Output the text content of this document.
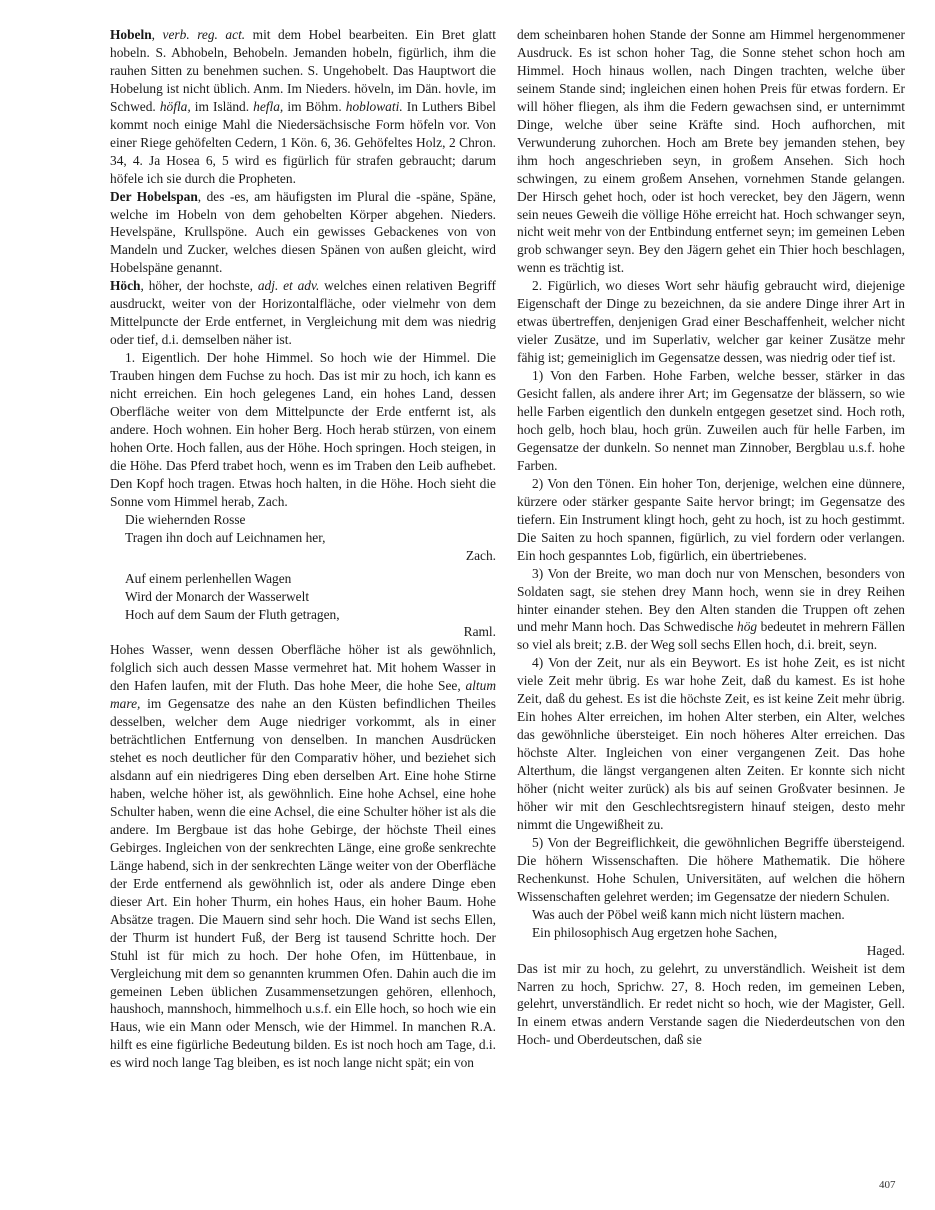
Hobeln, verb. reg. act. mit dem Hobel bearbeiten. Ein Bret glatt hobeln. S. Abhobeln, Behobeln. Jemanden hobeln, figürlich, ihm die rauhen Sitten zu benehmen suchen. S. Ungehobelt. Das Hauptwort die Hobelung ist nicht üblich. Anm. Im Nieders. höveln, im Dän. hovle, im Schwed. höfla, im Isländ. hefla, im Böhm. hoblowati. In Luthers Bibel kommt noch einige Mahl die Niedersächsische Form höfeln vor. Von einer Riege gehöfelten Cedern, 1 Kön. 6, 36. Gehöfeltes Holz, 2 Chron. 34, 4. Ja Hosea 6, 5 wird es figürlich für strafen gebraucht; darum höfele ich sie durch die Propheten.

Der Hobelspan, des -es, am häufigsten im Plural die -späne, Späne, welche im Hobeln von dem gehobelten Körper abgehen. Nieders. Hevelspäne, Krullspöne. Auch ein gewisses Gebackenes von von Mandeln und Zucker, welches diesen Spänen von außen gleicht, wird Hobelspäne genannt.

Höch, höher, der hochste, adj. et adv. welches einen relativen Begriff ausdruckt, weiter von der Horizontalfläche, oder vielmehr von dem Mittelpuncte der Erde entfernet, in Vergleichung mit dem was niedrig oder tief, d.i. demselben näher ist.

1. Eigentlich. Der hohe Himmel. So hoch wie der Himmel. Die Trauben hingen dem Fuchse zu hoch. Das ist mir zu hoch, ich kann es nicht erreichen. Ein hoch gelegenes Land, ein hohes Land, dessen Oberfläche weiter von dem Mittelpuncte der Erde entfernt ist, als andere. Hoch wohnen. Ein hoher Berg. Hoch herab stürzen, von einem hohen Orte. Hoch fallen, aus der Höhe. Hoch springen. Hoch steigen, in die Höhe. Das Pferd trabet hoch, wenn es im Traben den Leib aufhebet. Den Kopf hoch tragen. Etwas hoch halten, in die Höhe. Hoch sieht die Sonne vom Himmel herab, Zach.

Die wiehernden Rosse

Tragen ihn doch auf Leichnamen her,

Zach.

Auf einem perlenhellen Wagen

Wird der Monarch der Wasserwelt

Hoch auf dem Saum der Fluth getragen,

Raml.

Hohes Wasser, wenn dessen Oberfläche höher ist als gewöhnlich, folglich sich auch dessen Masse vermehret hat. Mit hohem Wasser in den Hafen laufen, mit der Fluth. Das hohe Meer, die hohe See, altum mare, im Gegensatze des nahe an den Küsten befindlichen Theiles desselben, welcher dem Auge niedriger vorkommt, als in einer beträchtlichen Entfernung von denselben. In manchen Ausdrücken stehet es noch deutlicher für den Comparativ höher, und beziehet sich alsdann auf ein niedrigeres Ding eben derselben Art. Eine hohe Stirne haben, welche höher ist, als gewöhnlich. Eine hohe Achsel, eine hohe Schulter haben, wenn die eine Achsel, die eine Schulter höher ist als die andere. Im Bergbaue ist das hohe Gebirge, der höchste Theil eines Gebirges. Ingleichen von der senkrechten Länge, eine große senkrechte Länge habend, sich in der senkrechten Länge weiter von der Oberfläche der Erde entfernend als gewöhnlich ist, oder als andere Dinge eben dieser Art. Ein hoher Thurm, ein hohes Haus, ein hoher Baum. Hohe Absätze tragen. Die Mauern sind sehr hoch. Die Wand ist sechs Ellen, der Thurm ist hundert Fuß, der Berg ist tausend Schritte hoch. Der Stuhl ist für mich zu hoch. Der hohe Ofen, im Hüttenbaue, in Vergleichung mit dem so genannten krummen Ofen. Dahin auch die im gemeinen Leben üblichen Zusammensetzungen gehören, ellenhoch, haushoch, mannshoch, himmelhoch u.s.f. ein Elle hoch, so hoch wie ein Haus, wie ein Mann oder Mensch, wie der Himmel. In manchen R.A. hilft es eine figürliche Bedeutung bilden. Es ist noch hoch am Tage, d.i. es wird noch lange Tag bleiben, es ist noch lange nicht spät; ein von

dem scheinbaren hohen Stande der Sonne am Himmel hergenommener Ausdruck. Es ist schon hoher Tag, die Sonne stehet schon hoch am Himmel. Hoch hinaus wollen, nach Dingen trachten, welche über seinem Stande sind; ingleichen einen hohen Preis für etwas fordern. Er will höher fliegen, als ihm die Federn gewachsen sind, er unternimmt Dinge, welche über seine Kräfte sind. Hoch aufhorchen, mit Verwunderung zuhorchen. Hoch am Brete bey jemanden stehen, bey ihm hoch angeschrieben seyn, in großem Ansehen. Sich hoch schwingen, zu einem großem Ansehen, vornehmen Stande gelangen. Der Hirsch gehet hoch, oder ist hoch verecket, bey den Jägern, wenn sein neues Geweih die völlige Höhe erreicht hat. Hoch schwanger seyn, nicht weit mehr von der Entbindung entfernet seyn; im gemeinen Leben grob schwanger seyn. Bey den Jägern gehet ein Thier hoch beschlagen, wenn es trächtig ist.

2. Figürlich, wo dieses Wort sehr häufig gebraucht wird, diejenige Eigenschaft der Dinge zu bezeichnen, da sie andere Dinge ihrer Art in etwas übertreffen, denjenigen Grad einer Beschaffenheit, welcher nicht vieler Zusätze, und im Superlativ, welcher gar keiner Zusätze mehr fähig ist; gemeiniglich im Gegensatze dessen, was niedrig oder tief ist.

1) Von den Farben. Hohe Farben, welche besser, stärker in das Gesicht fallen, als andere ihrer Art; im Gegensatze der blässern, so wie helle Farben eigentlich den dunkeln entgegen gesetzet sind. Hoch roth, hoch gelb, hoch blau, hoch grün. Zuweilen auch für helle Farben, im Gegensatze der dunkeln. So nennet man Zinnober, Bergblau u.s.f. hohe Farben.

2) Von den Tönen. Ein hoher Ton, derjenige, welchen eine dünnere, kürzere oder stärker gespante Saite hervor bringt; im Gegensatze des tiefern. Ein Instrument klingt hoch, geht zu hoch, ist zu hoch gestimmt. Die Saiten zu hoch spannen, figürlich, zu viel fordern oder verlangen. Ein hoch gespanntes Lob, figürlich, ein übertriebenes.

3) Von der Breite, wo man doch nur von Menschen, besonders von Soldaten sagt, sie stehen drey Mann hoch, wenn sie in drey Reihen hinter einander stehen. Bey den Alten standen die Truppen oft zehen und mehr Mann hoch. Das Schwedische hög bedeutet in mehrern Fällen so viel als breit; z.B. der Weg soll sechs Ellen hoch, d.i. breit, seyn.

4) Von der Zeit, nur als ein Beywort. Es ist hohe Zeit, es ist nicht viele Zeit mehr übrig. Es war hohe Zeit, daß du kamest. Es ist hohe Zeit, daß du gehest. Es ist die höchste Zeit, es ist keine Zeit mehr übrig. Ein hohes Alter erreichen, im hohen Alter sterben, ein Alter, welches das gewöhnliche übersteiget. Ein noch höheres Alter erreichen. Das höchste Alter. Ingleichen von einer vergangenen Zeit. Das hohe Alterthum, die längst vergangenen alten Zeiten. Er konnte sich nicht höher (nicht weiter zurück) als bis auf seinen Großvater besinnen. Je höher wir mit den Geschlechtsregistern hinauf steigen, desto mehr nimmt die Ungewißheit zu.

5) Von der Begreiflichkeit, die gewöhnlichen Begriffe übersteigend. Die höhern Wissenschaften. Die höhere Mathematik. Die höhere Rechenkunst. Hohe Schulen, Universitäten, auf welchen die höhern Wissenschaften gelehret werden; im Gegensatze der niedern Schulen.

Was auch der Pöbel weiß kann mich nicht lüstern machen.

Ein philosophisch Aug ergetzen hohe Sachen,

Haged.

Das ist mir zu hoch, zu gelehrt, zu unverständlich. Weisheit ist dem Narren zu hoch, Sprichw. 27, 8. Hoch reden, im gemeinen Leben, gelehrt, unverständlich. Er redet nicht so hoch, wie der Magister, Gell. In einem etwas andern Verstande sagen die Niederdeutschen von den Hoch- und Oberdeutschen, daß sie

407
